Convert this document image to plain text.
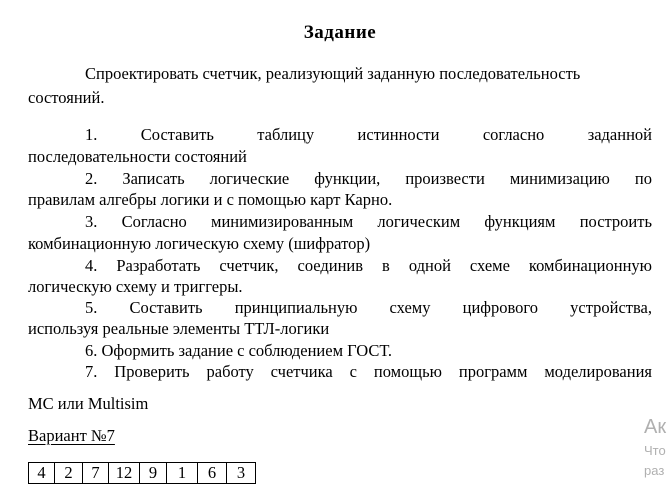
Задание
Спроектировать счетчик, реализующий заданную последовательность
состояний.
1. Составить таблицу истинности согласно заданной
последовательности состояний
2. Записать логические функции, произвести минимизацию по
правилам алгебры логики и с помощью карт Карно.
3. Согласно минимизированным логическим функциям построить
комбинационную логическую схему (шифратор)
4. Разработать счетчик, соединив в одной схеме комбинационную
логическую схему и триггеры.
5. Составить принципиальную схему цифрового устройства,
используя реальные элементы ТТЛ-логики
6. Оформить задание с соблюдением ГОСТ.
7. Проверить работу счетчика с помощью программ моделирования
МС или Multisim
Вариант №7
4	2	7	12	9	1	6	3
Ак
Что
раз
